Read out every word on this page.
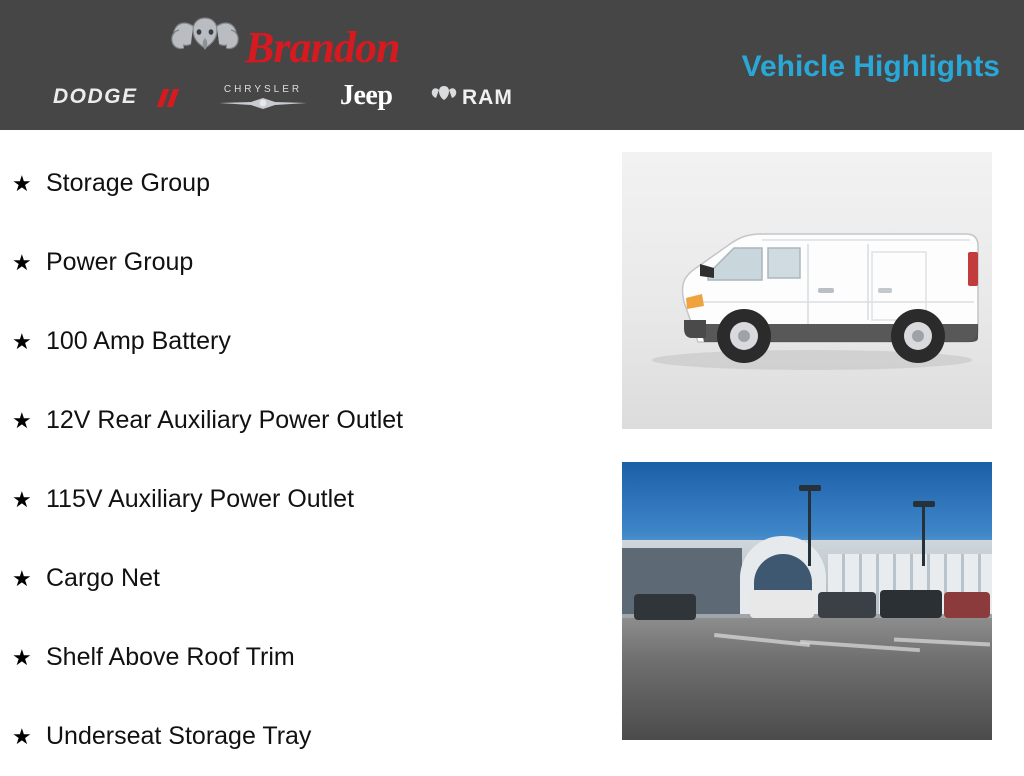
Brandon
DODGE	CHRYSLER	Jeep	RAM
Vehicle Highlights
★ Storage Group
★ Power Group
★ 100 Amp Battery
★ 12V Rear Auxiliary Power Outlet
★ 115V Auxiliary Power Outlet
★ Cargo Net
★ Shelf Above Roof Trim
★ Underseat Storage Tray
